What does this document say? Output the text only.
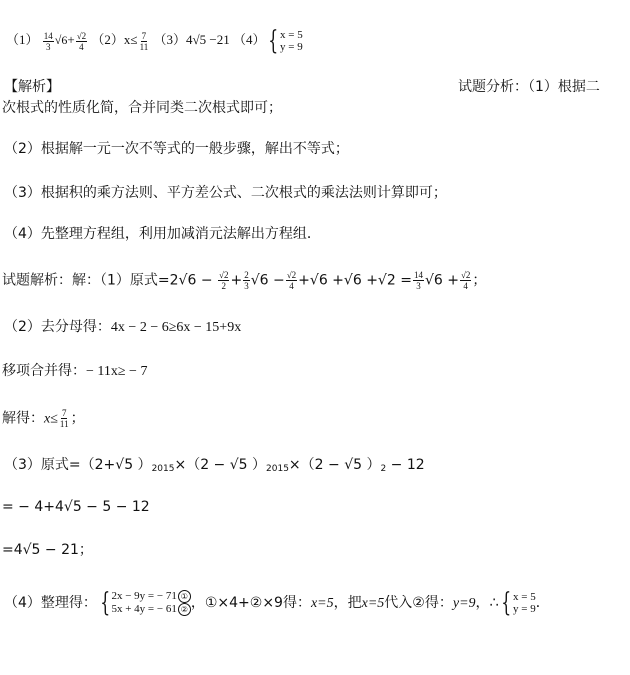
$(1) \frac{14}{3} √6+ \frac{√2}{4} (2)x\le \frac{7}{11} (3)4√5 -21$ （4） { x = 5
y = 9
【解析】	试题分析：（1）根据二
次根式的性质化简，合并同类二次根式即可；
（2）根据解一元一次不等式的一般步骤，解出不等式；
（3）根据积的乘方法则、平方差公式、二次根式的乘法法则计算即可；
（4）先整理方程组，利用加减消元法解出方程组．
试题解析：解：（1）原式$=2√6 - \frac{√2}{2} + \frac{2}{3} √6 - \frac{√2}{4} +√6 +√6 +√2 = \frac{14}{3} √6 + \frac{√2}{4}$ ；
（2）去分母得：4x − 2 − 6≥6x − 15+9x
移项合并得：− 11x≥ − 7
解得：$x\le \frac{7}{11}$ ；
（3）原式=（2+√5 ）$_{2015}\times(2 - √5$ ）$_{2015}\times(2 - √5$ ）$_2 - 12$
= − 4+4√5 − 5 − 12
=4√5 − 21；
（4）整理得： { 2x − 9y = − 71 ①
5x + 4y = − 61 ② ，①×4+②×9得：x=5，把x=5代入②得：y=9，∴ { x = 5
y = 9 ．
